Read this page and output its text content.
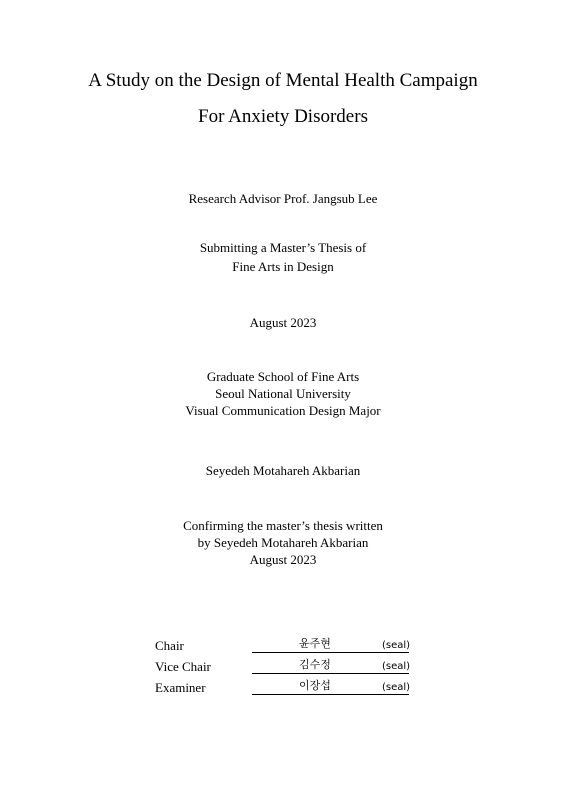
A Study on the Design of Mental Health Campaign
For Anxiety Disorders
Research Advisor Prof. Jangsub Lee
Submitting a Master’s Thesis of
Fine Arts in Design
August 2023
Graduate School of Fine Arts
Seoul National University
Visual Communication Design Major
Seyedeh Motahareh Akbarian
Confirming the master’s thesis written
by Seyedeh Motahareh Akbarian
August 2023
Chair	윤주현	(seal)
Vice Chair	김수정	(seal)
Examiner	이장섭	(seal)
